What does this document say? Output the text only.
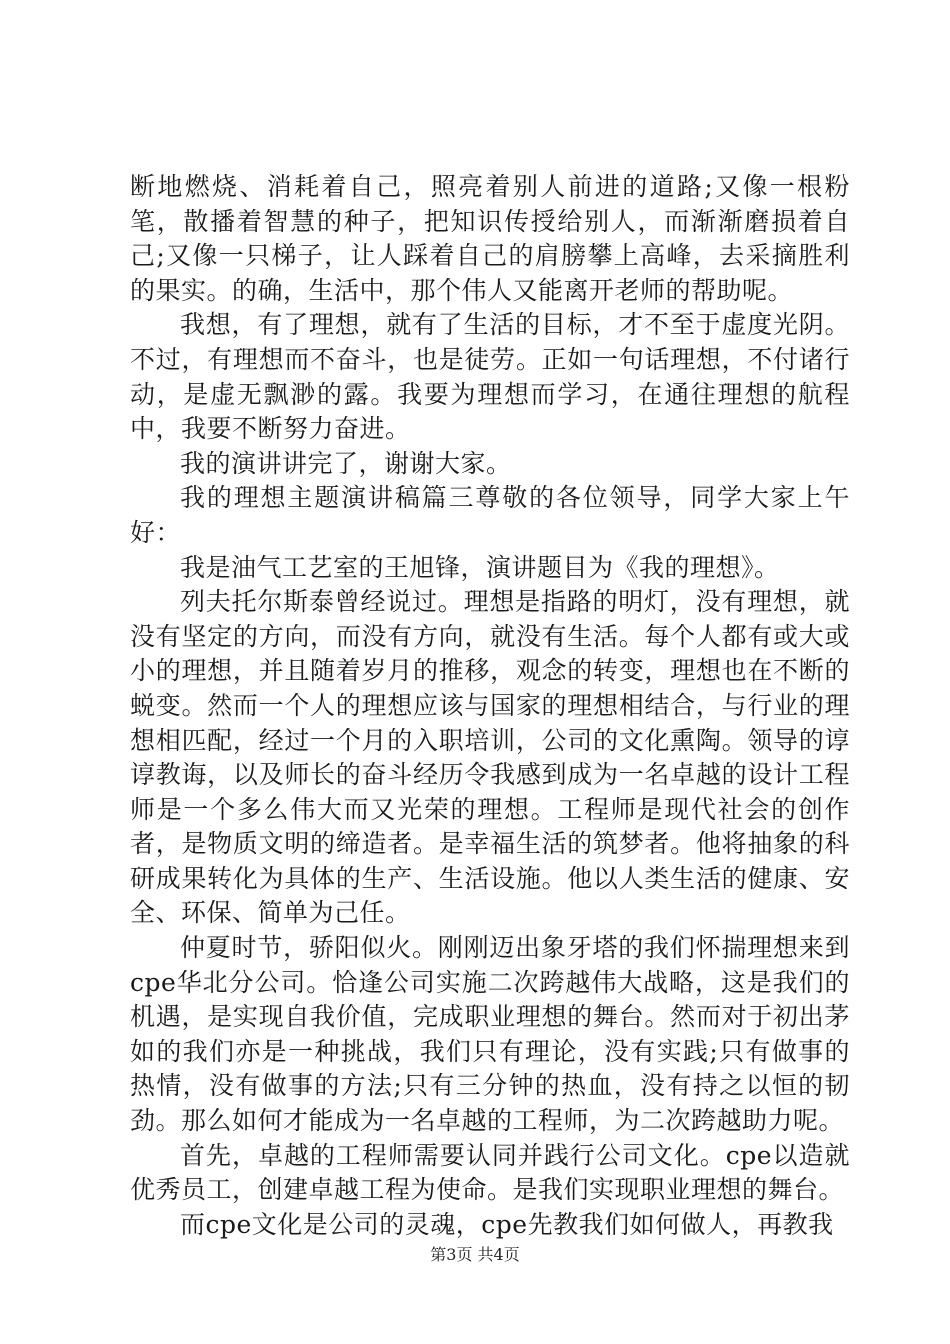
断地燃烧、消耗着自己，照亮着别人前进的道路;又像一根粉笔，散播着智慧的种子，把知识传授给别人，而渐渐磨损着自己;又像一只梯子，让人踩着自己的肩膀攀上高峰，去采摘胜利的果实。的确，生活中，那个伟人又能离开老师的帮助呢。

我想，有了理想，就有了生活的目标，才不至于虚度光阴。不过，有理想而不奋斗，也是徒劳。正如一句话理想，不付诸行动，是虚无飘渺的露。我要为理想而学习，在通往理想的航程中，我要不断努力奋进。

我的演讲讲完了，谢谢大家。

我的理想主题演讲稿篇三尊敬的各位领导，同学大家上午好：

我是油气工艺室的王旭锋，演讲题目为《我的理想》。

列夫托尔斯泰曾经说过。理想是指路的明灯，没有理想，就没有坚定的方向，而没有方向，就没有生活。每个人都有或大或小的理想，并且随着岁月的推移，观念的转变，理想也在不断的蜕变。然而一个人的理想应该与国家的理想相结合，与行业的理想相匹配，经过一个月的入职培训，公司的文化熏陶。领导的谆谆教诲，以及师长的奋斗经历令我感到成为一名卓越的设计工程师是一个多么伟大而又光荣的理想。工程师是现代社会的创作者，是物质文明的缔造者。是幸福生活的筑梦者。他将抽象的科研成果转化为具体的生产、生活设施。他以人类生活的健康、安全、环保、简单为己任。

仲夏时节，骄阳似火。刚刚迈出象牙塔的我们怀揣理想来到cpe华北分公司。恰逢公司实施二次跨越伟大战略，这是我们的机遇，是实现自我价值，完成职业理想的舞台。然而对于初出茅如的我们亦是一种挑战，我们只有理论，没有实践;只有做事的热情，没有做事的方法;只有三分钟的热血，没有持之以恒的韧劲。那么如何才能成为一名卓越的工程师，为二次跨越助力呢。

首先，卓越的工程师需要认同并践行公司文化。cpe以造就优秀员工，创建卓越工程为使命。是我们实现职业理想的舞台。

而cpe文化是公司的灵魂，cpe先教我们如何做人，再教我

第3页 共4页
